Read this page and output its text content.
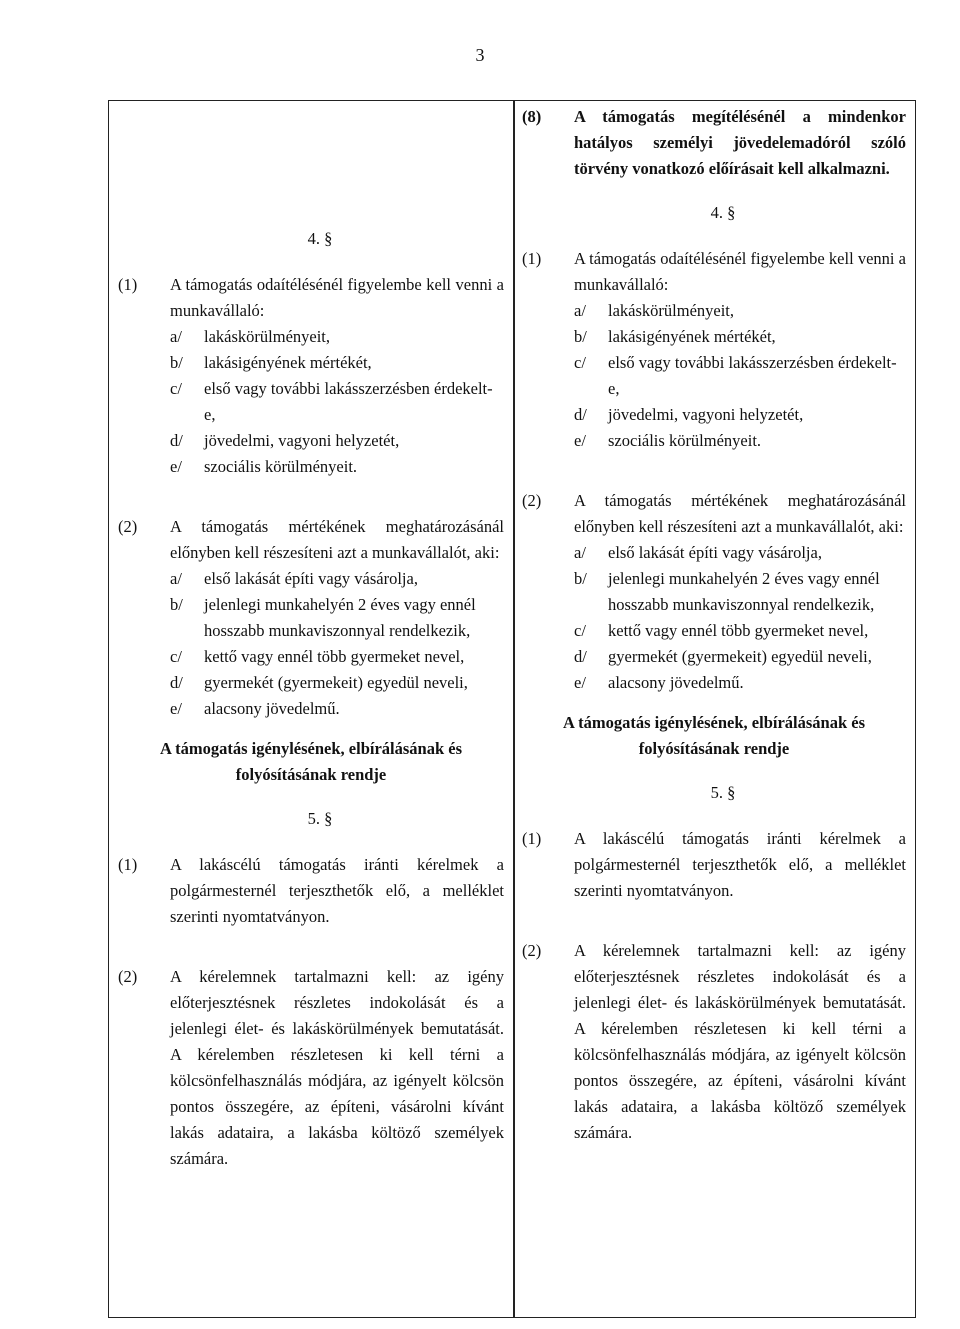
3
4. §
(1)	A támogatás odaítélésénél figyelembe kell venni a munkavállaló:
a/	lakáskörülményeit,
b/	lakásigényének mértékét,
c/	első vagy további lakásszerzésben érdekelt-e,
d/	jövedelmi, vagyoni helyzetét,
e/	szociális körülményeit.
(2)	A támogatás mértékének meghatározásánál előnyben kell részesíteni azt a munkavállalót, aki:
a/	első lakását építi vagy vásárolja,
b/	jelenlegi munkahelyén 2 éves vagy ennél hosszabb munkaviszonnyal rendelkezik,
c/	kettő vagy ennél több gyermeket nevel,
d/	gyermekét (gyermekeit) egyedül neveli,
e/	alacsony jövedelmű.
A támogatás igénylésének, elbírálásának és folyósításának rendje
5. §
(1)	A lakáscélú támogatás iránti kérelmek a polgármesternél terjeszthetők elő, a melléklet szerinti nyomtatványon.
(2)	A kérelemnek tartalmazni kell: az igény előterjesztésnek részletes indokolását és a jelenlegi élet- és lakáskörülmények bemutatását. A kérelemben részletesen ki kell térni a kölcsönfelhasználás módjára, az igényelt kölcsön pontos összegére, az építeni, vásárolni kívánt lakás adataira, a lakásba költöző személyek számára.
(8)	A támogatás megítélésénél a mindenkor hatályos személyi jövedelemadóról szóló törvény vonatkozó előírásait kell alkalmazni.
4. §
(1)	A támogatás odaítélésénél figyelembe kell venni a munkavállaló:
a/	lakáskörülményeit,
b/	lakásigényének mértékét,
c/	első vagy további lakásszerzésben érdekelt-e,
d/	jövedelmi, vagyoni helyzetét,
e/	szociális körülményeit.
(2)	A támogatás mértékének meghatározásánál előnyben kell részesíteni azt a munkavállalót, aki:
a/	első lakását építi vagy vásárolja,
b/	jelenlegi munkahelyén 2 éves vagy ennél hosszabb munkaviszonnyal rendelkezik,
c/	kettő vagy ennél több gyermeket nevel,
d/	gyermekét (gyermekeit) egyedül neveli,
e/	alacsony jövedelmű.
A támogatás igénylésének, elbírálásának és folyósításának rendje
5. §
(1)	A lakáscélú támogatás iránti kérelmek a polgármesternél terjeszthetők elő, a melléklet szerinti nyomtatványon.
(2)	A kérelemnek tartalmazni kell: az igény előterjesztésnek részletes indokolását és a jelenlegi élet- és lakáskörülmények bemutatását. A kérelemben részletesen ki kell térni a kölcsönfelhasználás módjára, az igényelt kölcsön pontos összegére, az építeni, vásárolni kívánt lakás adataira, a lakásba költöző személyek számára.
